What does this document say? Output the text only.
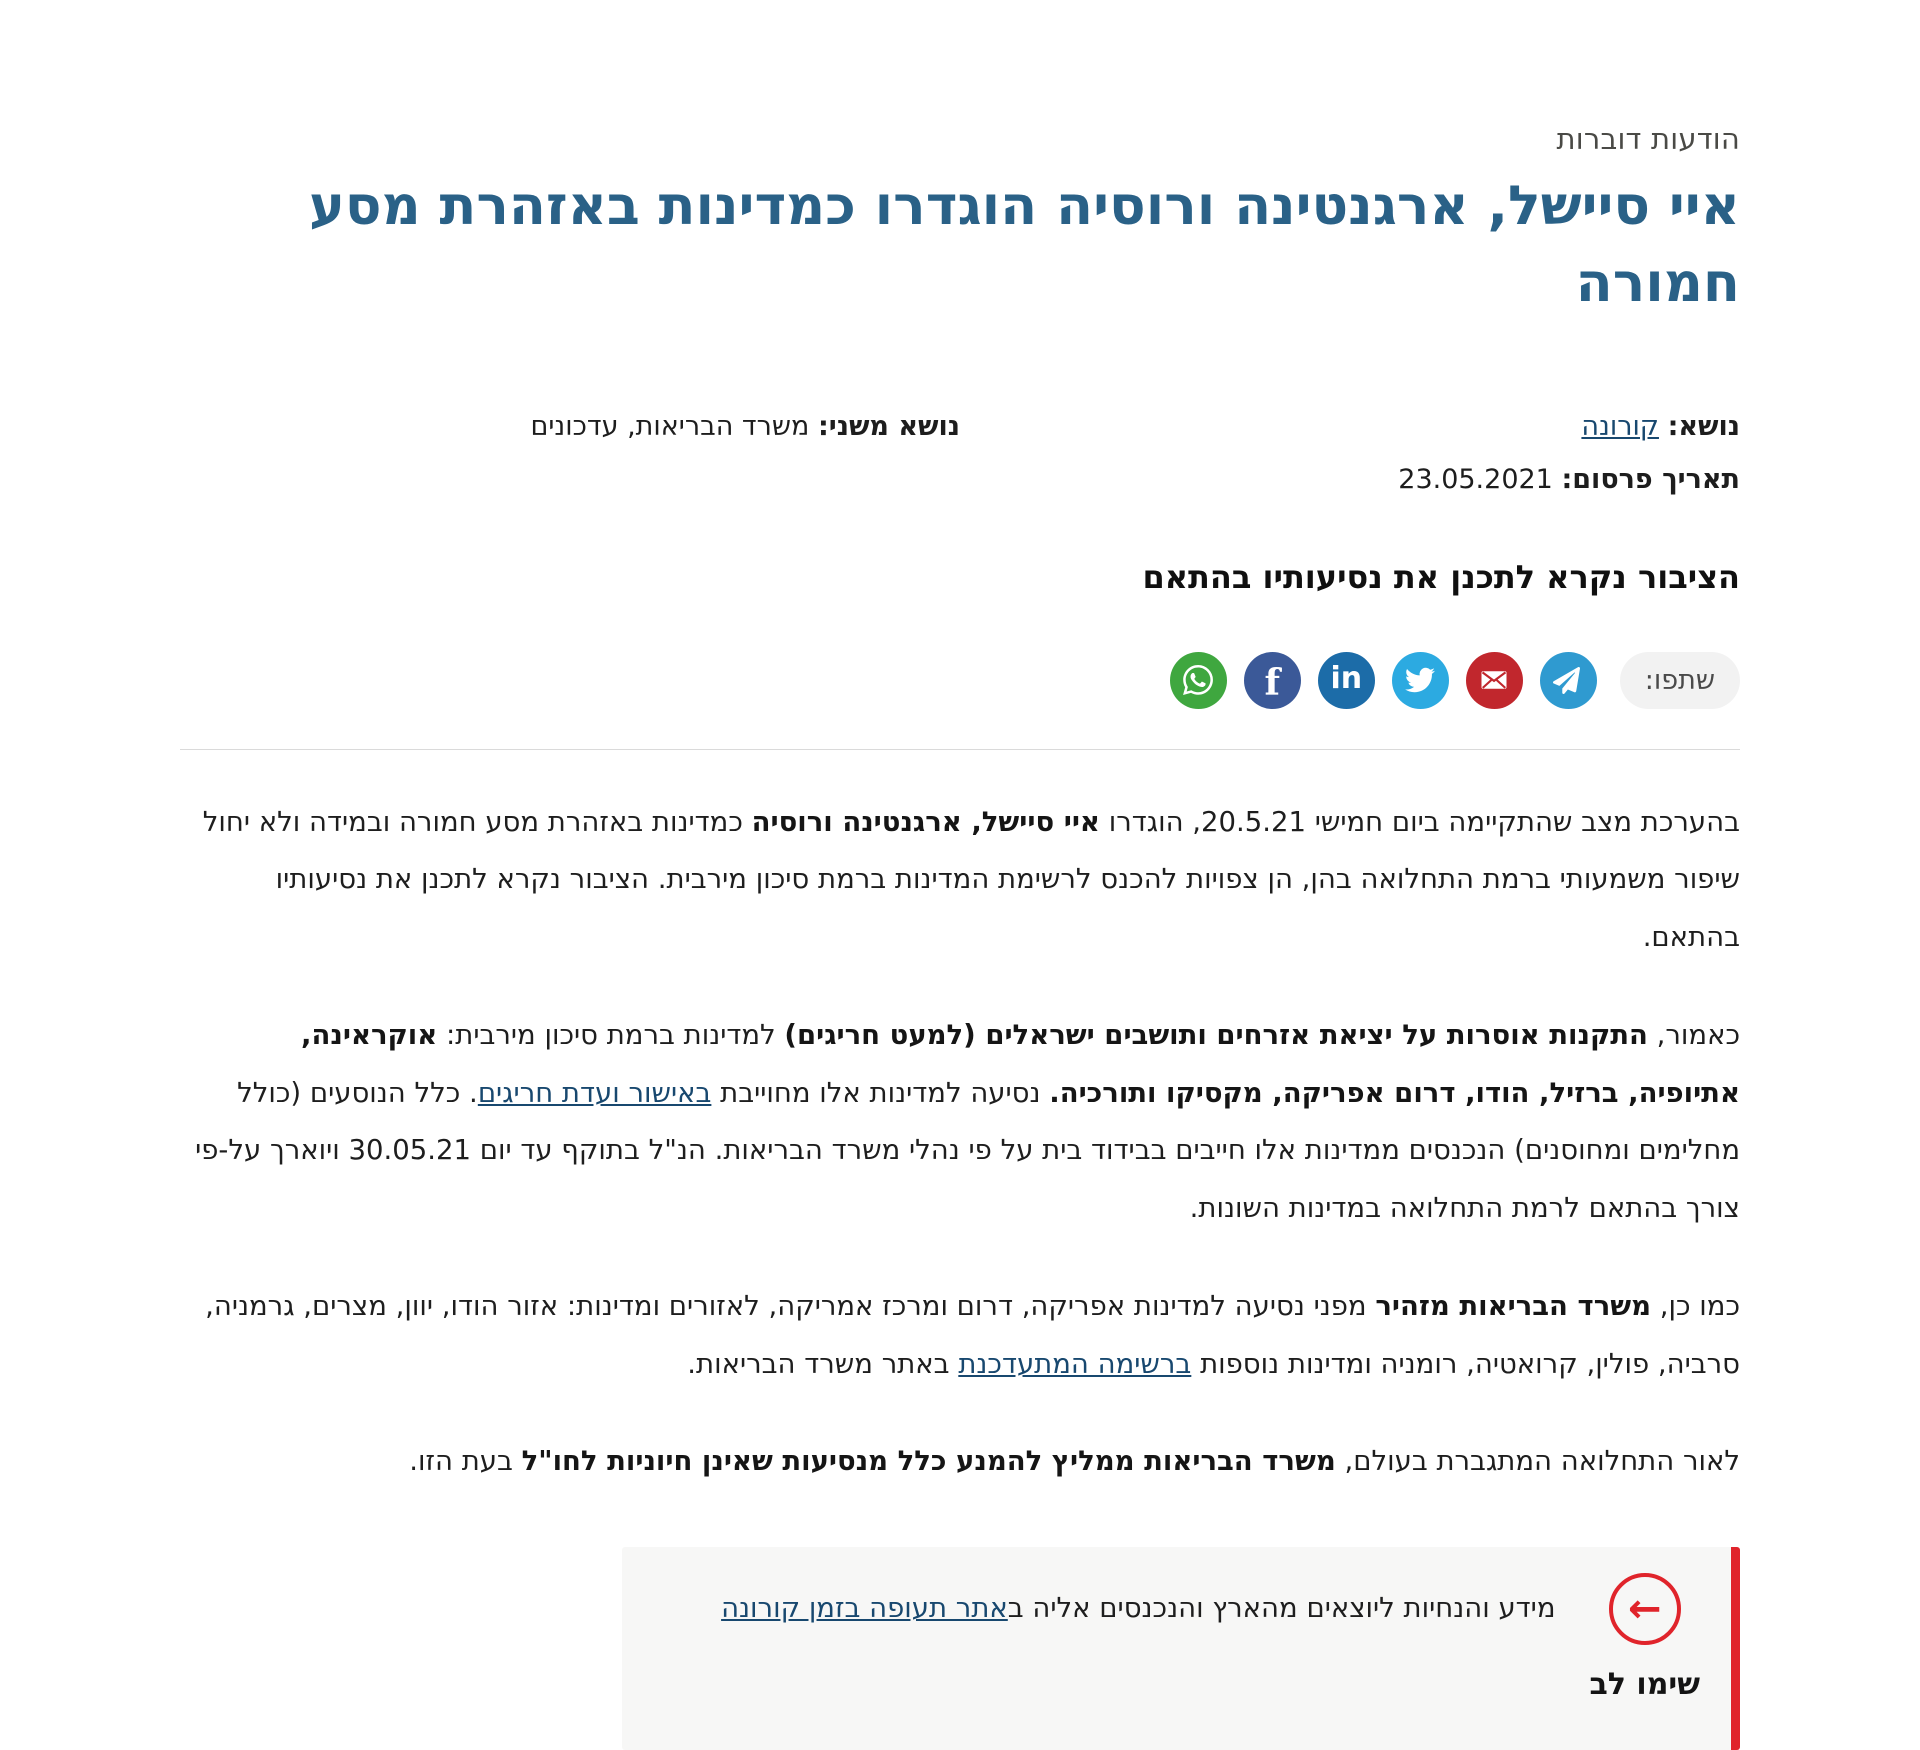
הודעות דוברות
איי סיישל, ארגנטינה ורוסיה הוגדרו כמדינות באזהרת מסע חמורה
נושא: קורונה
נושא משני: משרד הבריאות, עדכונים
תאריך פרסום: 23.05.2021
הציבור נקרא לתכנן את נסיעותיו בהתאם
שתפו:
in
f

בהערכת מצב שהתקיימה ביום חמישי 20.5.21, הוגדרו איי סיישל, ארגנטינה ורוסיה כמדינות באזהרת מסע חמורה ובמידה ולא יחול שיפור משמעותי ברמת התחלואה בהן, הן צפויות להכנס לרשימת המדינות ברמת סיכון מירבית. הציבור נקרא לתכנן את נסיעותיו בהתאם.

כאמור, התקנות אוסרות על יציאת אזרחים ותושבים ישראלים (למעט חריגים) למדינות ברמת סיכון מירבית: אוקראינה, אתיופיה, ברזיל, הודו, דרום אפריקה, מקסיקו ותורכיה. נסיעה למדינות אלו מחוייבת באישור ועדת חריגים. כלל הנוסעים (כולל מחלימים ומחוסנים) הנכנסים ממדינות אלו חייבים בבידוד בית על פי נהלי משרד הבריאות. הנ"ל בתוקף עד יום 30.05.21 ויוארך על-פי צורך בהתאם לרמת התחלואה במדינות השונות.

כמו כן, משרד הבריאות מזהיר מפני נסיעה למדינות אפריקה, דרום ומרכז אמריקה, לאזורים ומדינות: אזור הודו, יוון, מצרים, גרמניה, סרביה, פולין, קרואטיה, רומניה ומדינות נוספות ברשימה המתעדכנת באתר משרד הבריאות.

לאור התחלואה המתגברת בעולם, משרד הבריאות ממליץ להמנע כלל מנסיעות שאינן חיוניות לחו"ל בעת הזו.

←
שימו לב
מידע והנחיות ליוצאים מהארץ והנכנסים אליה באתר תעופה בזמן קורונה
